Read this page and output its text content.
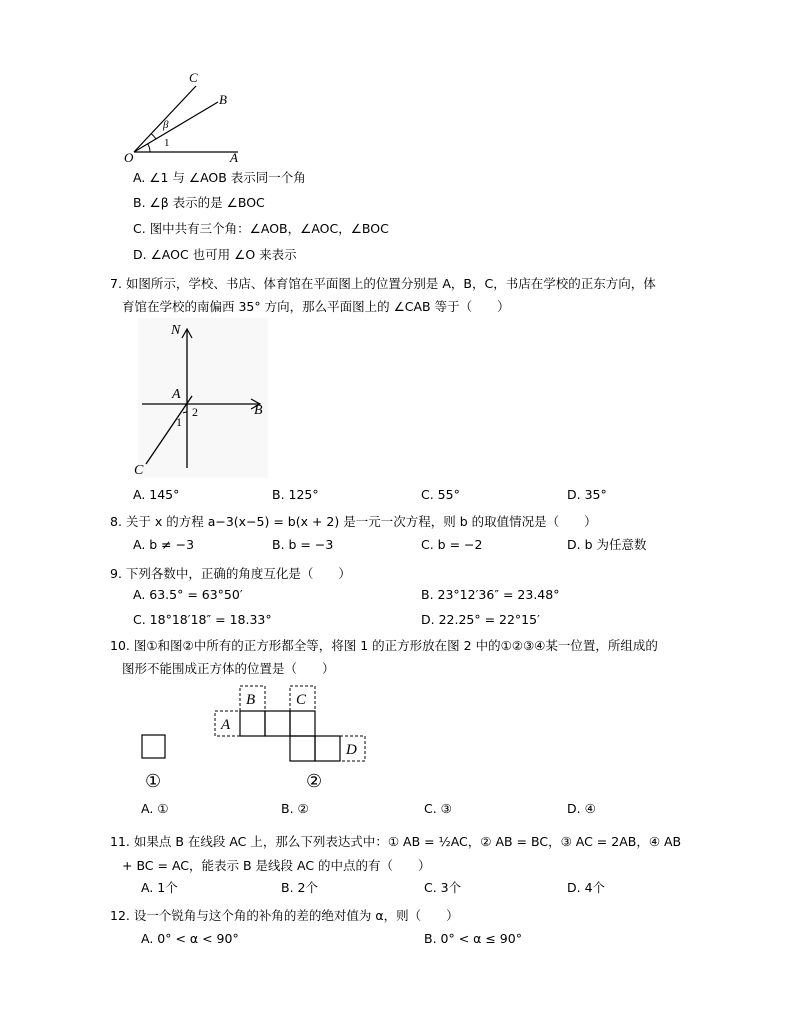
C
B
β
1
O	A
A. ∠1 与 ∠AOB 表示同一个角
B. ∠β 表示的是 ∠BOC
C. 图中共有三个角：∠AOB，∠AOC，∠BOC
D. ∠AOC 也可用 ∠O 来表示
7. 如图所示，学校、书店、体育馆在平面图上的位置分别是 A，B，C，书店在学校的正东方向，体
育馆在学校的南偏西 35° 方向，那么平面图上的 ∠CAB 等于（　　）
N
A
B
2
1
C
A. 145°	B. 125°	C. 55°	D. 35°
8. 关于 x 的方程 a−3(x−5) = b(x + 2) 是一元一次方程，则 b 的取值情况是（　　）
A. b ≠ −3	B. b = −3	C. b = −2	D. b 为任意数
9. 下列各数中，正确的角度互化是（　　）
A. 63.5° = 63°50′	B. 23°12′36″ = 23.48°
C. 18°18′18″ = 18.33°	D. 22.25° = 22°15′
10. 图①和图②中所有的正方形都全等，将图 1 的正方形放在图 2 中的①②③④某一位置，所组成的
图形不能围成正方体的位置是（　　）
①
A
B	C
D
②
A. ①	B. ②	C. ③	D. ④
11. 如果点 B 在线段 AC 上，那么下列表达式中：① AB = ½AC，② AB = BC，③ AC = 2AB，④ AB
+ BC = AC，能表示 B 是线段 AC 的中点的有（　　）
A. 1个	B. 2个	C. 3个	D. 4个
12. 设一个锐角与这个角的补角的差的绝对值为 α，则（　　）
A. 0° < α < 90°	B. 0° < α ≤ 90°
